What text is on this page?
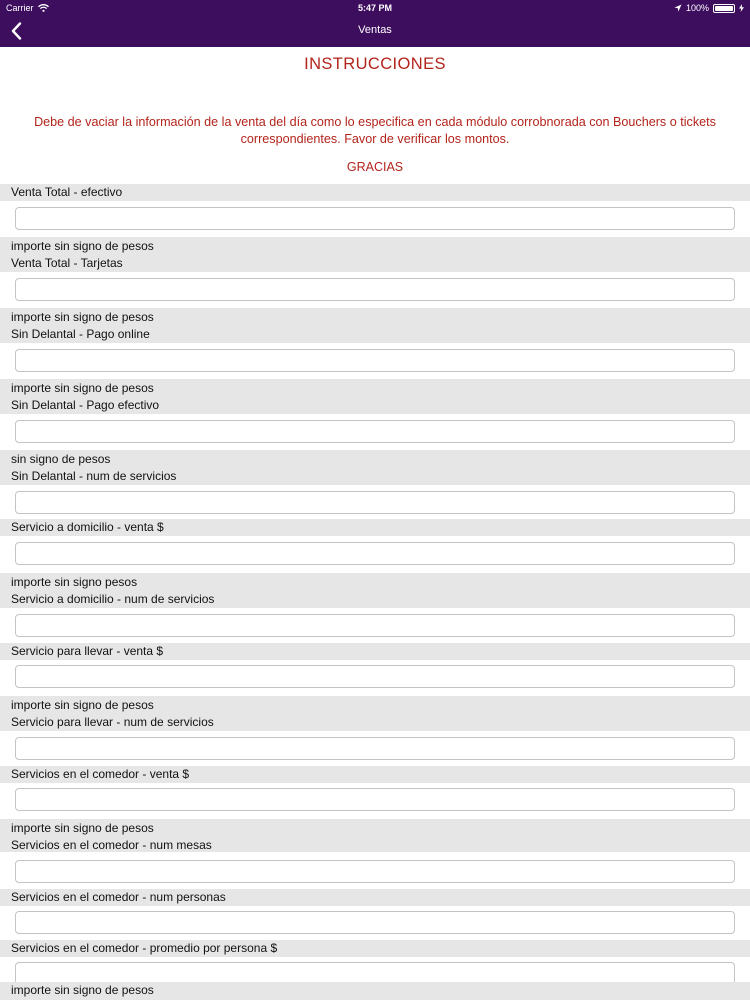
Carrier	5:47 PM	100%
Ventas
INSTRUCCIONES
Debe de vaciar la información de la venta del día como lo especifica en cada módulo corrobnorada con Bouchers o tickets
correspondientes. Favor de verificar los montos.
GRACIAS
Venta Total - efectivo
importe sin signo de pesos
Venta Total - Tarjetas
importe sin signo de pesos
Sin Delantal - Pago online
importe sin signo de pesos
Sin Delantal - Pago efectivo
sin signo de pesos
Sin Delantal - num de servicios
Servicio a domicilio - venta $
importe sin signo pesos
Servicio a domicilio - num de servicios
Servicio para llevar - venta $
importe sin signo de pesos
Servicio para llevar - num de servicios
Servicios en el comedor - venta $
importe sin signo de pesos
Servicios en el comedor - num mesas
Servicios en el comedor - num personas
Servicios en el comedor - promedio por persona $
importe sin signo de pesos
